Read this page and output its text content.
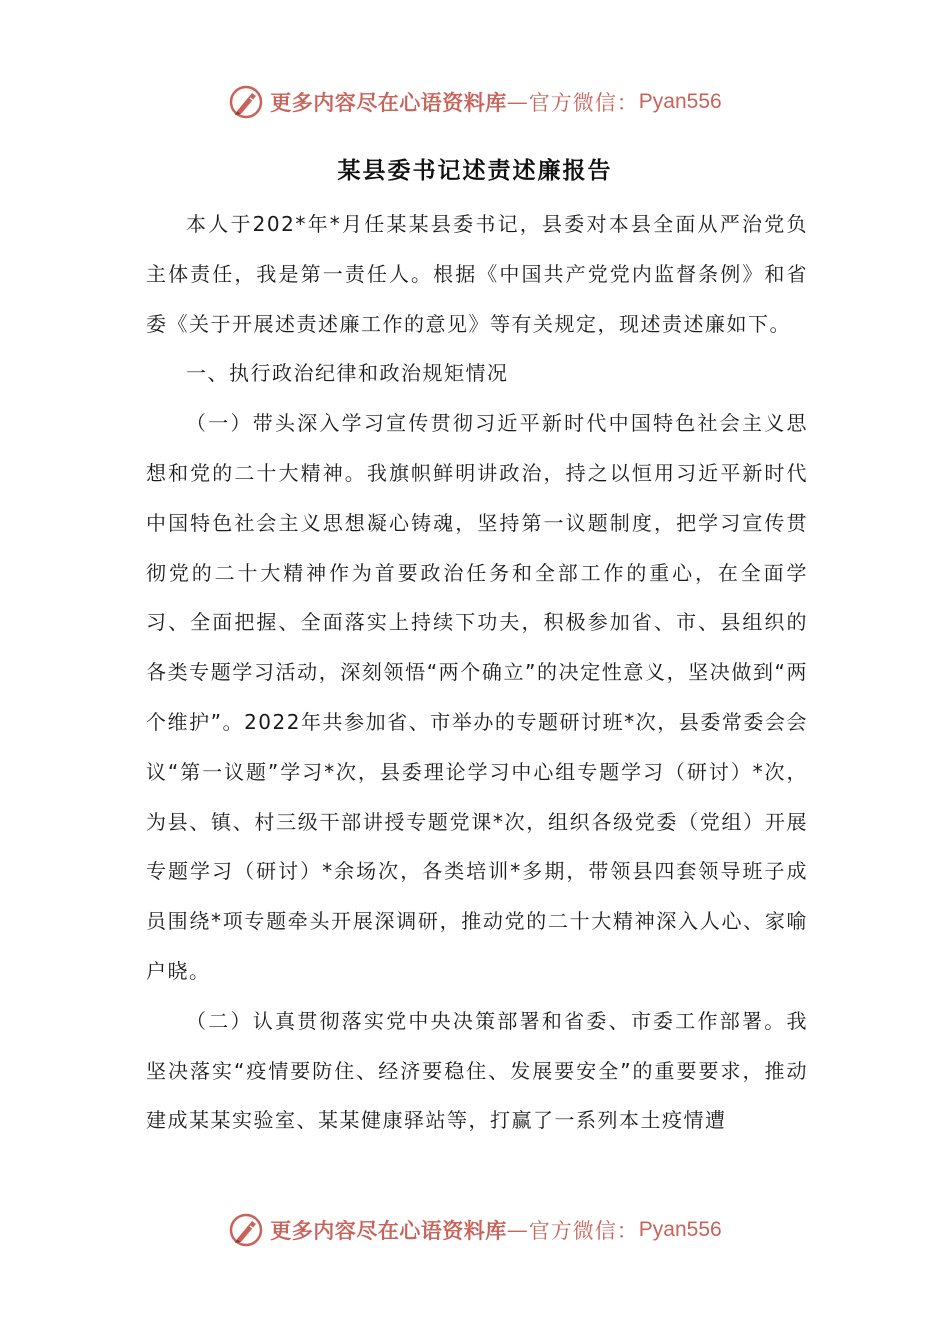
更多内容尽在心语资料库 — 官方微信： Pyan556
某县委书记述责述廉报告

本人于202*年*月任某某县委书记，县委对本县全面从严治党负主体责任，我是第一责任人。根据《中国共产党党内监督条例》和省委《关于开展述责述廉工作的意见》等有关规定，现述责述廉如下。

一、执行政治纪律和政治规矩情况

（一）带头深入学习宣传贯彻习近平新时代中国特色社会主义思想和党的二十大精神。我旗帜鲜明讲政治，持之以恒用习近平新时代中国特色社会主义思想凝心铸魂，坚持第一议题制度，把学习宣传贯彻党的二十大精神作为首要政治任务和全部工作的重心，在全面学习、全面把握、全面落实上持续下功夫，积极参加省、市、县组织的各类专题学习活动，深刻领悟“两个确立”的决定性意义，坚决做到“两个维护”。2022年共参加省、市举办的专题研讨班*次，县委常委会会议“第一议题”学习*次，县委理论学习中心组专题学习（研讨）*次，为县、镇、村三级干部讲授专题党课*次，组织各级党委（党组）开展专题学习（研讨）*余场次，各类培训*多期，带领县四套领导班子成员围绕*项专题牵头开展深调研，推动党的二十大精神深入人心、家喻户晓。

（二）认真贯彻落实党中央决策部署和省委、市委工作部署。我坚决落实“疫情要防住、经济要稳住、发展要安全”的重要要求，推动建成某某实验室、某某健康驿站等，打赢了一系列本土疫情遭

更多内容尽在心语资料库 — 官方微信： Pyan556
